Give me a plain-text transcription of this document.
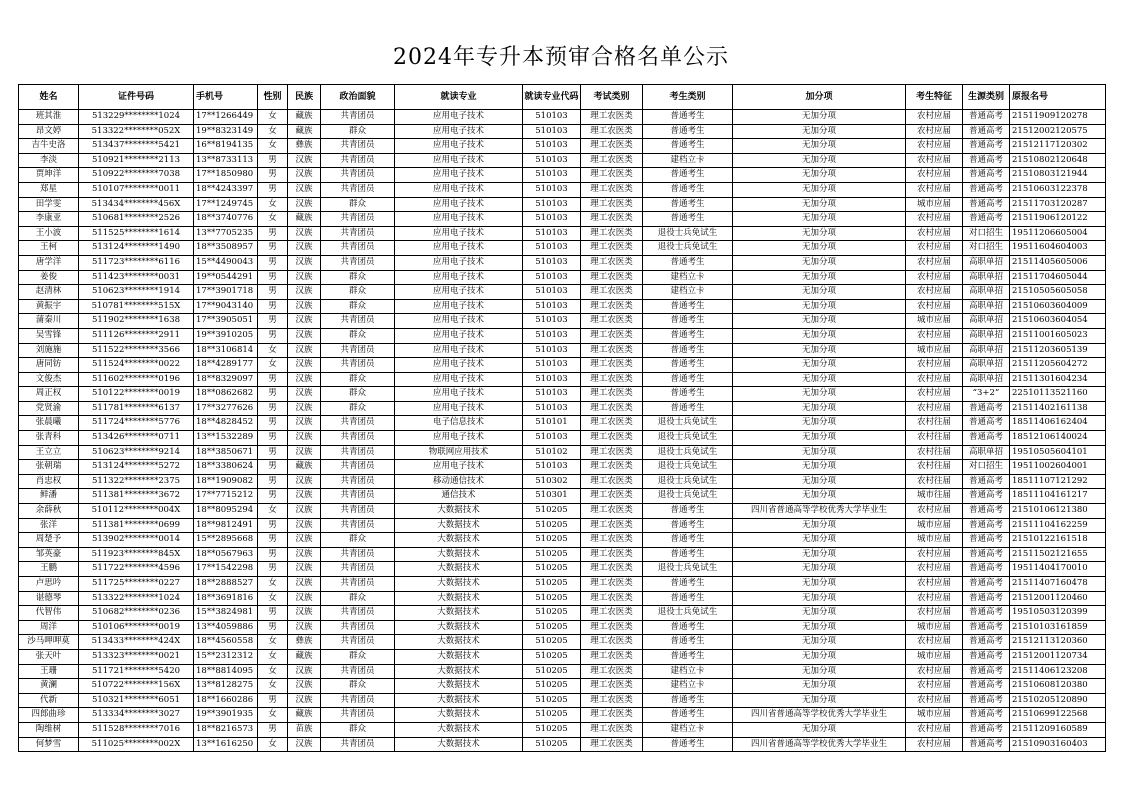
2024年专升本预审合格名单公示
姓名	证件号码	手机号	性别	民族	政治面貌	就读专业	就读专业代码	考试类别	考生类别	加分项	考生特征	生源类别	原报名号
班其淮	513229********1024	17**1266449	女	藏族	共青团员	应用电子技术	510103	理工农医类	普通考生	无加分项	农村应届	普通高考	21511909120278
昂文婷	513322********052X	19**8323149	女	藏族	群众	应用电子技术	510103	理工农医类	普通考生	无加分项	农村应届	普通高考	21512002120575
吉牛史洛	513437********5421	16**8194135	女	彝族	共青团员	应用电子技术	510103	理工农医类	普通考生	无加分项	农村应届	普通高考	21512117120302
李淡	510921********2113	13**8733113	男	汉族	共青团员	应用电子技术	510103	理工农医类	建档立卡	无加分项	农村应届	普通高考	21510802120648
贾坤洋	510922********7038	17**1850980	男	汉族	共青团员	应用电子技术	510103	理工农医类	普通考生	无加分项	农村应届	普通高考	21510803121944
郑星	510107********0011	18**4243397	男	汉族	共青团员	应用电子技术	510103	理工农医类	普通考生	无加分项	农村应届	普通高考	21510603122378
田学雯	513434********456X	17**1249745	女	汉族	群众	应用电子技术	510103	理工农医类	普通考生	无加分项	城市应届	普通高考	21511703120287
李康亚	510681********2526	18**3740776	女	藏族	共青团员	应用电子技术	510103	理工农医类	普通考生	无加分项	农村应届	普通高考	21511906120122
王小波	511525********1614	13**7705235	男	汉族	共青团员	应用电子技术	510103	理工农医类	退役士兵免试生	无加分项	农村应届	对口招生	19511206605004
王柯	513124********1490	18**3508957	男	汉族	共青团员	应用电子技术	510103	理工农医类	退役士兵免试生	无加分项	农村应届	对口招生	19511604604003
唐学洋	511723********6116	15**4490043	男	汉族	共青团员	应用电子技术	510103	理工农医类	普通考生	无加分项	农村应届	高职单招	21511405605006
姜俊	511423********0031	19**0544291	男	汉族	群众	应用电子技术	510103	理工农医类	建档立卡	无加分项	农村应届	高职单招	21511704605044
赵清林	510623********1914	17**3901718	男	汉族	群众	应用电子技术	510103	理工农医类	建档立卡	无加分项	农村应届	高职单招	21510505605058
黄振宇	510781********515X	17**9043140	男	汉族	群众	应用电子技术	510103	理工农医类	普通考生	无加分项	农村应届	高职单招	21510603604009
蒲秦川	511902********1638	17**3905051	男	汉族	共青团员	应用电子技术	510103	理工农医类	普通考生	无加分项	城市应届	高职单招	21510603604054
吴雪锋	511126********2911	19**3910205	男	汉族	群众	应用电子技术	510103	理工农医类	普通考生	无加分项	农村应届	高职单招	21511001605023
刘施施	511522********3566	18**3106814	女	汉族	共青团员	应用电子技术	510103	理工农医类	普通考生	无加分项	城市应届	高职单招	21511203605139
唐同钫	511524********0022	18**4289177	女	汉族	共青团员	应用电子技术	510103	理工农医类	普通考生	无加分项	农村应届	高职单招	21511205604272
文俊杰	511602********0196	18**8329097	男	汉族	群众	应用电子技术	510103	理工农医类	普通考生	无加分项	农村应届	高职单招	21511301604234
周正权	510122********0019	18**0862682	男	汉族	群众	应用电子技术	510103	理工农医类	普通考生	无加分项	农村应届	“3+2”	22510113521160
党贤渝	511781********6137	17**3277626	男	汉族	群众	应用电子技术	510103	理工农医类	普通考生	无加分项	农村应届	普通高考	21511402161138
张晨曦	511724********5776	18**4828452	男	汉族	共青团员	电子信息技术	510101	理工农医类	退役士兵免试生	无加分项	农村往届	普通高考	18511406162404
张青科	513426********0711	13**1532289	男	汉族	共青团员	应用电子技术	510103	理工农医类	退役士兵免试生	无加分项	农村往届	普通高考	18512106140024
王立立	510623********9214	18**3850671	男	汉族	共青团员	物联网应用技术	510102	理工农医类	退役士兵免试生	无加分项	农村往届	高职单招	19510505604101
张朝瑞	513124********5272	18**3380624	男	藏族	共青团员	应用电子技术	510103	理工农医类	退役士兵免试生	无加分项	农村往届	对口招生	19511002604001
肖忠权	511322********2375	18**1909082	男	汉族	共青团员	移动通信技术	510302	理工农医类	退役士兵免试生	无加分项	农村往届	普通高考	18511107121292
鲜潘	511381********3672	17**7715212	男	汉族	共青团员	通信技术	510301	理工农医类	退役士兵免试生	无加分项	城市往届	普通高考	18511104161217
余薛秋	510112********004X	18**8095294	女	汉族	共青团员	大数据技术	510205	理工农医类	普通考生	四川省普通高等学校优秀大学毕业生	农村应届	普通高考	21510106121380
张洋	511381********0699	18**9812491	男	汉族	共青团员	大数据技术	510205	理工农医类	普通考生	无加分项	城市应届	普通高考	21511104162259
周楚予	513902********0014	15**2895668	男	汉族	群众	大数据技术	510205	理工农医类	普通考生	无加分项	城市应届	普通高考	21510122161518
邹英豪	511923********845X	18**0567963	男	汉族	共青团员	大数据技术	510205	理工农医类	普通考生	无加分项	农村应届	普通高考	21511502121655
王鹏	511722********4596	17**1542298	男	汉族	共青团员	大数据技术	510205	理工农医类	退役士兵免试生	无加分项	农村应届	普通高考	19511404170010
卢思吟	511725********0227	18**2888527	女	汉族	共青团员	大数据技术	510205	理工农医类	普通考生	无加分项	农村应届	普通高考	21511407160478
谌德琴	513322********1024	18**3691816	女	汉族	群众	大数据技术	510205	理工农医类	普通考生	无加分项	农村应届	普通高考	21512001120460
代智伟	510682********0236	15**3824981	男	汉族	共青团员	大数据技术	510205	理工农医类	退役士兵免试生	无加分项	农村应届	普通高考	19510503120399
周洋	510106********0019	13**4059886	男	汉族	共青团员	大数据技术	510205	理工农医类	普通考生	无加分项	城市应届	普通高考	21510103161859
沙马呷呷莫	513433********424X	18**4560558	女	彝族	共青团员	大数据技术	510205	理工农医类	普通考生	无加分项	农村应届	普通高考	21512113120360
张天叶	513323********0021	15**2312312	女	藏族	群众	大数据技术	510205	理工农医类	普通考生	无加分项	城市应届	普通高考	21512001120734
王珊	511721********5420	18**8814095	女	汉族	共青团员	大数据技术	510205	理工农医类	建档立卡	无加分项	农村应届	普通高考	21511406123208
黄澜	510722********156X	13**8128275	女	汉族	群众	大数据技术	510205	理工农医类	建档立卡	无加分项	农村应届	普通高考	21510608120380
代新	510321********6051	18**1660286	男	汉族	共青团员	大数据技术	510205	理工农医类	普通考生	无加分项	农村应届	普通高考	21510205120890
四郎曲珍	513334********3027	19**3901935	女	藏族	共青团员	大数据技术	510205	理工农医类	普通考生	四川省普通高等学校优秀大学毕业生	城市应届	普通高考	21510699122568
陶维树	511528********7016	18**8216573	男	苗族	群众	大数据技术	510205	理工农医类	建档立卡	无加分项	农村应届	普通高考	21511209160589
何梦雪	511025********002X	13**1616250	女	汉族	共青团员	大数据技术	510205	理工农医类	普通考生	四川省普通高等学校优秀大学毕业生	农村应届	普通高考	21510903160403
